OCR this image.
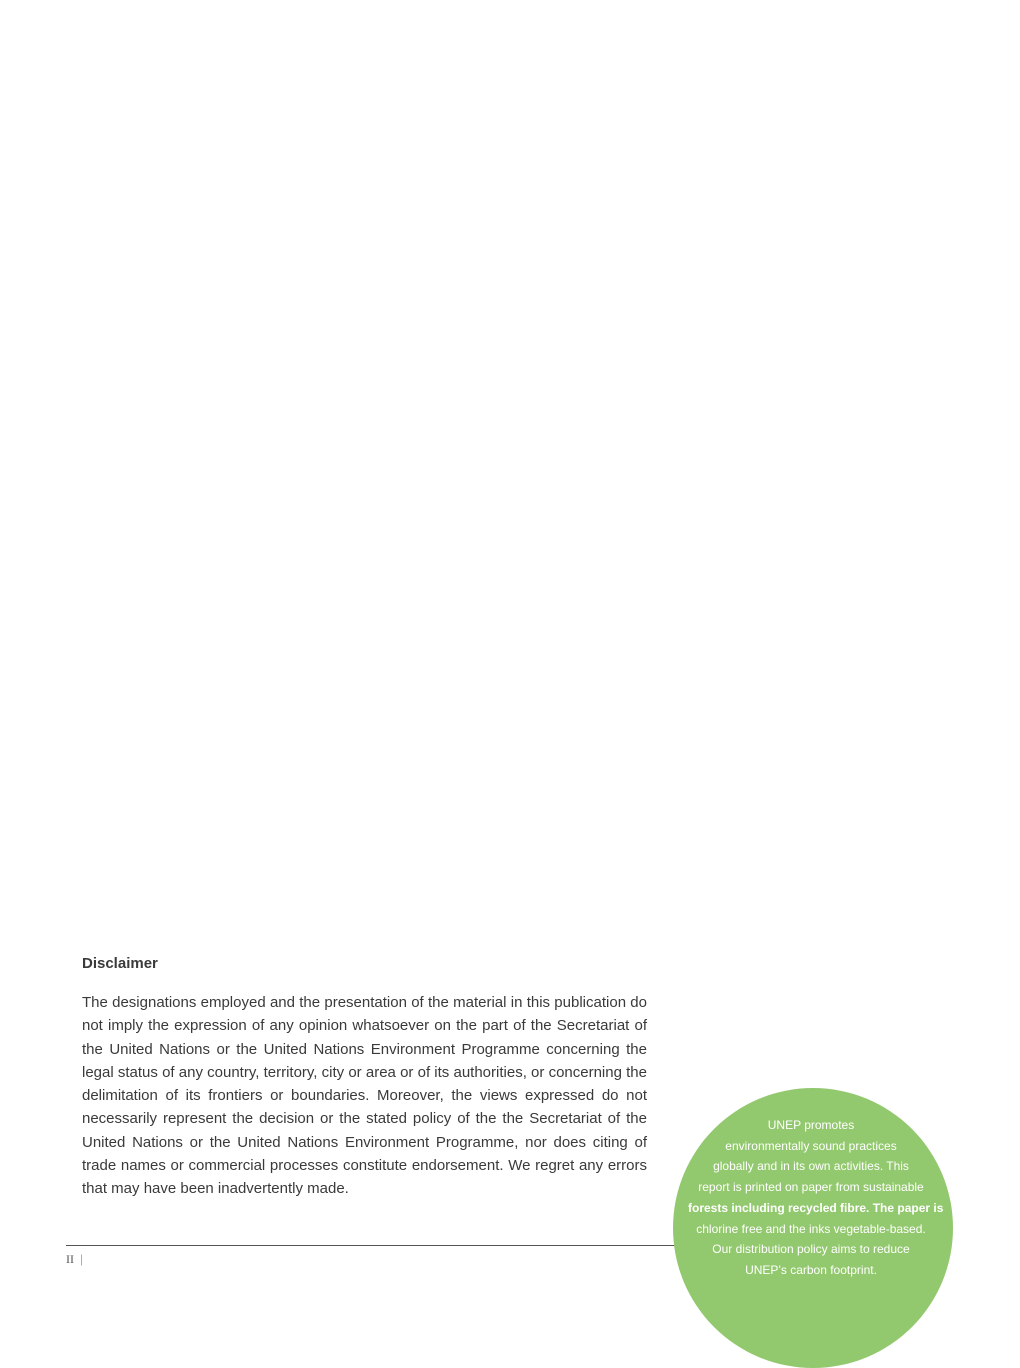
Disclaimer

The designations employed and the presentation of the material in this publication do not imply the expression of any opinion whatsoever on the part of the Secretariat of the United Nations or the United Nations Environment Programme concerning the legal status of any country, territory, city or area or of its authorities, or concerning the delimitation of its frontiers or boundaries. Moreover, the views expressed do not necessarily represent the decision or the stated policy of the the Secretariat of the United Nations or the United Nations Environment Programme, nor does citing of trade names or commercial processes constitute endorsement. We regret any errors that may have been inadvertently made.

II |
UNEP promotes
environmentally sound practices
globally and in its own activities. This
report is printed on paper from sustainable
forests including recycled fibre. The paper is
chlorine free and the inks vegetable-based.
Our distribution policy aims to reduce
UNEP’s carbon footprint.
